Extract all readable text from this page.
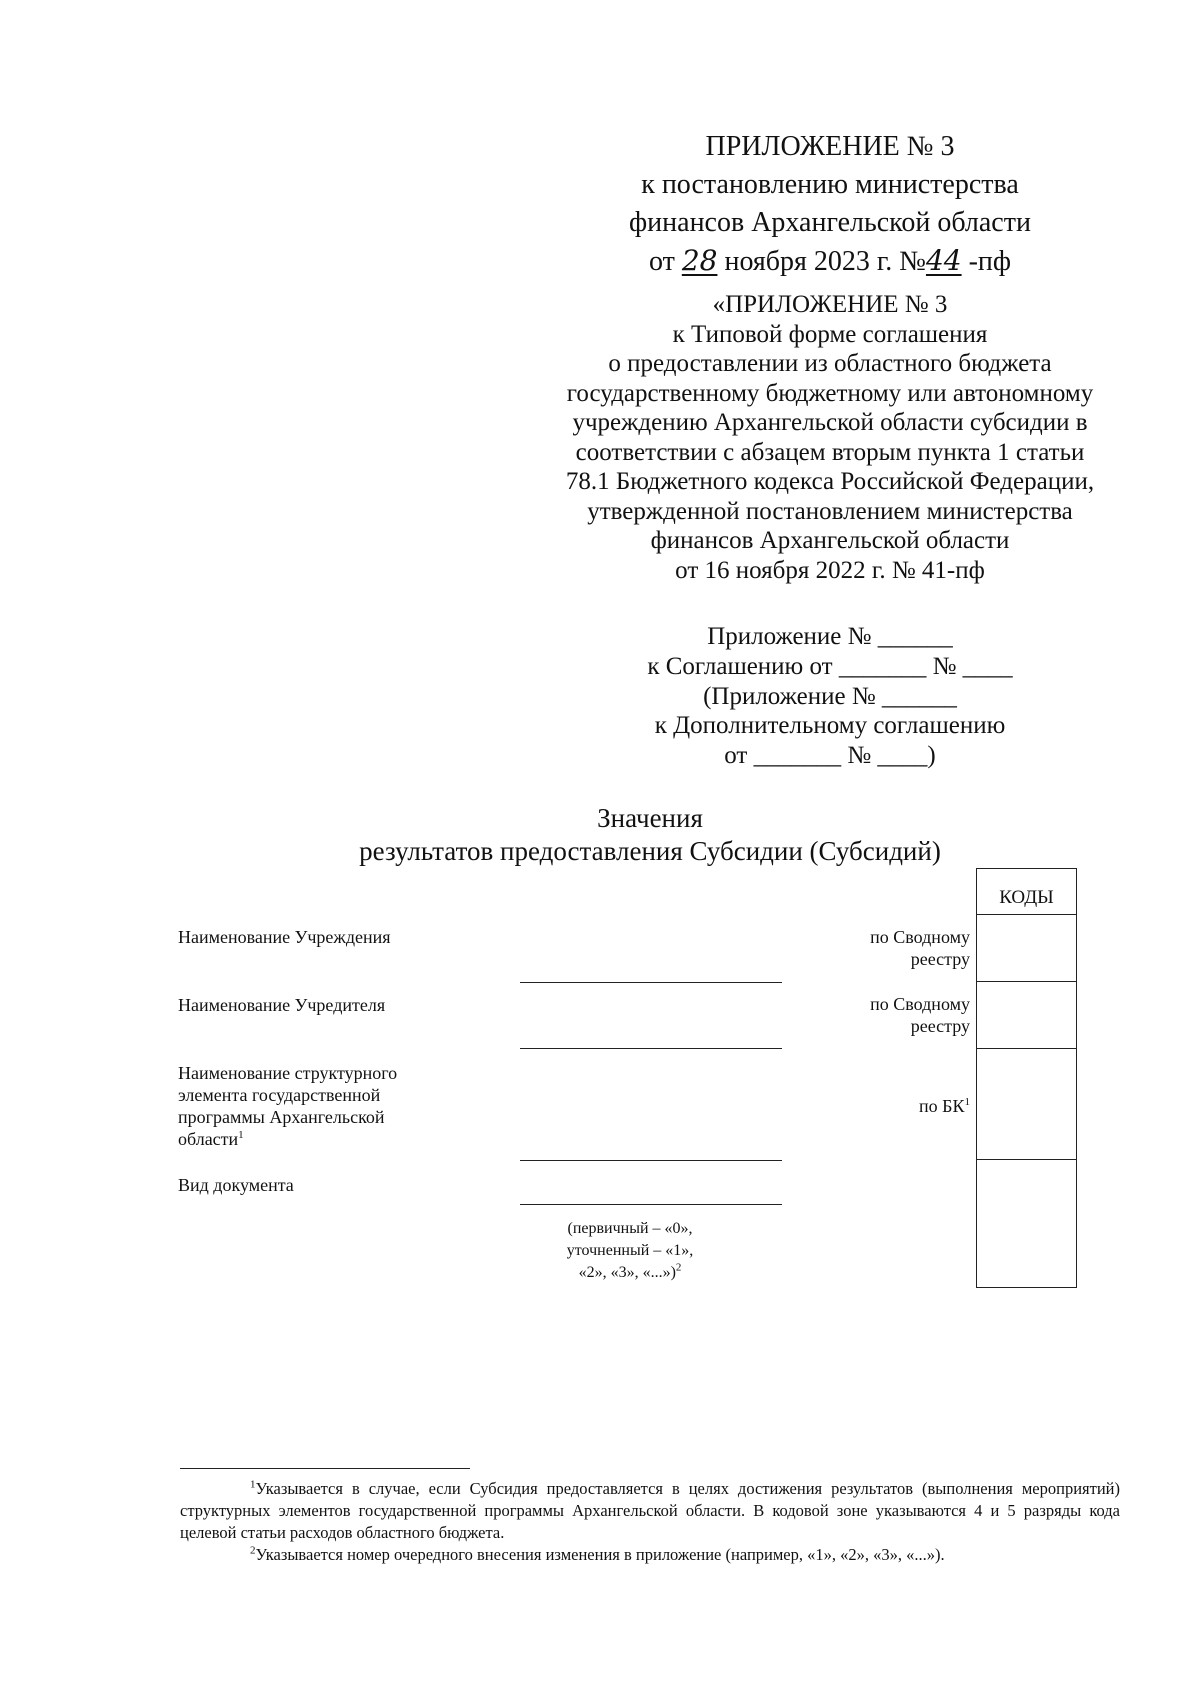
ПРИЛОЖЕНИЕ № 3
к постановлению министерства
финансов Архангельской области
от 28 ноября 2023 г. №44 -пф
«ПРИЛОЖЕНИЕ № 3
к Типовой форме соглашения
о предоставлении из областного бюджета
государственному бюджетному или автономному
учреждению Архангельской области субсидии в
соответствии с абзацем вторым пункта 1 статьи
78.1 Бюджетного кодекса Российской Федерации,
утвержденной постановлением министерства
финансов Архангельской области
от 16 ноября 2022 г. № 41-пф
Приложение № ______
к Соглашению от _______ № ____
(Приложение № ______
к Дополнительному соглашению
от _______ № ____)
Значения
результатов предоставления Субсидии (Субсидий)
Наименование Учреждения
Наименование Учредителя
Наименование структурного
элемента государственной
программы Архангельской
области$^1$
Вид документа
(первичный – «0»,
уточненный – «1»,
«2», «3», «...»)$^2$
по Сводному
реестру
по Сводному
реестру
по $БК^1$
КОДЫ

$^1$Указывается в случае, если Субсидия предоставляется в целях достижения результатов (выполнения мероприятий) структурных элементов государственной программы Архангельской области. В кодовой зоне указываются 4 и 5 разряды кода целевой статьи расходов областного бюджета.

$^2$Указывается номер очередного внесения изменения в приложение (например, «1», «2», «3», «...»).
